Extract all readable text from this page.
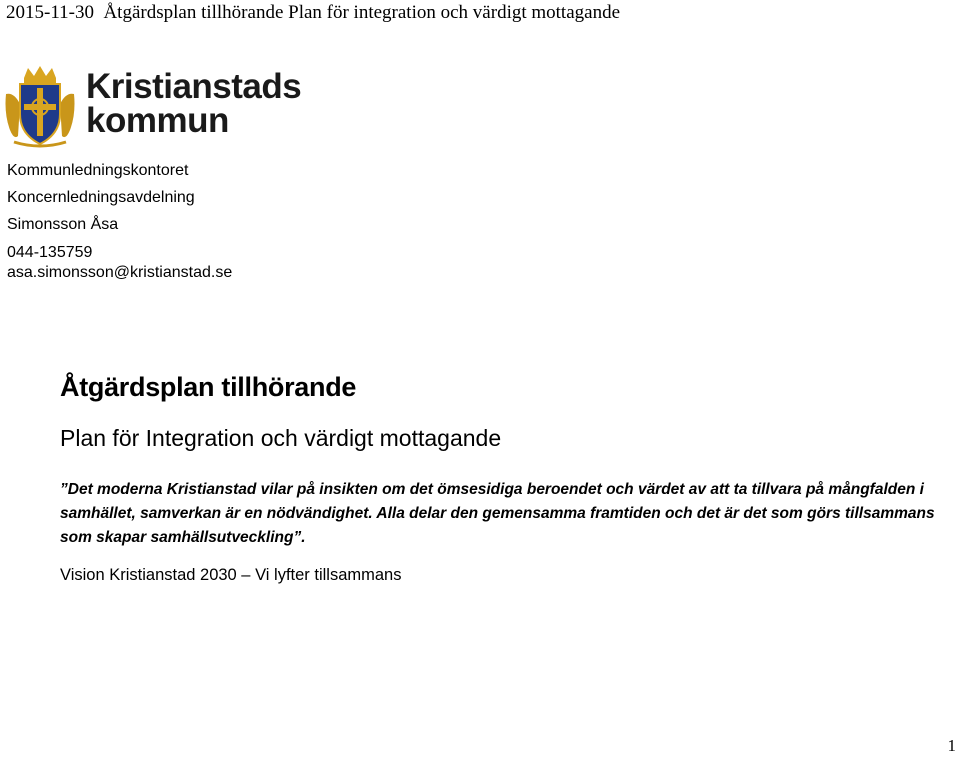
2015-11-30 Åtgärdsplan tillhörande Plan för integration och värdigt mottagande
Kristianstads
kommun
Kommunledningskontoret
Koncernledningsavdelning
Simonsson Åsa
044-135759
asa.simonsson@kristianstad.se
Åtgärdsplan tillhörande
Plan för Integration och värdigt mottagande
”Det moderna Kristianstad vilar på insikten om det ömsesidiga beroendet och värdet av att ta tillvara på mångfalden i samhället, samverkan är en nödvändighet. Alla delar den gemensamma framtiden och det är det som görs tillsammans som skapar samhällsutveckling”.
Vision Kristianstad 2030 – Vi lyfter tillsammans
1
